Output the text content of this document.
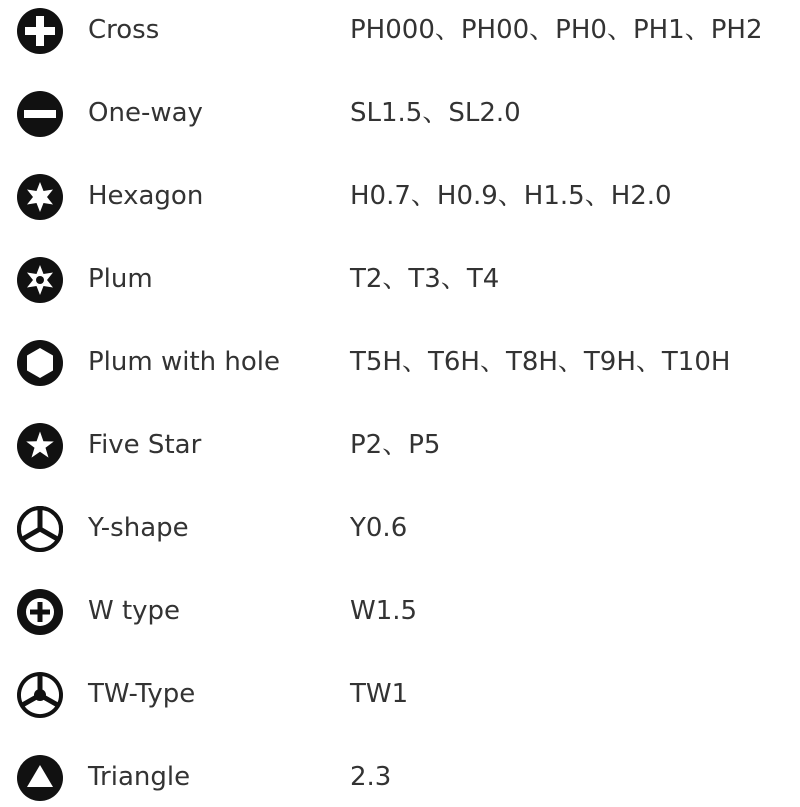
Cross	PH000、PH00、PH0、PH1、PH2
One-way	SL1.5、SL2.0
Hexagon	H0.7、H0.9、H1.5、H2.0
Plum	T2、T3、T4
Plum with hole	T5H、T6H、T8H、T9H、T10H
Five Star	P2、P5
Y-shape	Y0.6
W type	W1.5
TW-Type	TW1
Triangle	2.3
